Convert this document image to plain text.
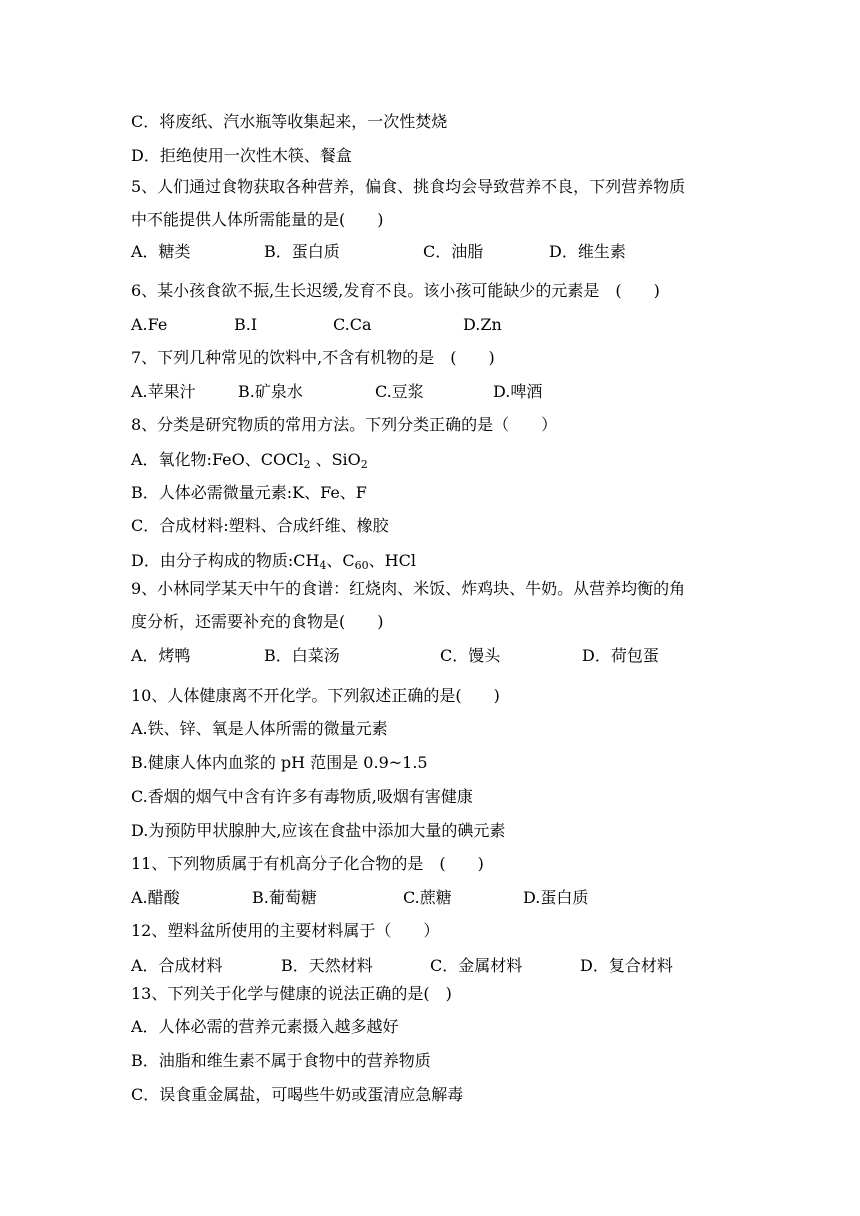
C．将废纸、汽水瓶等收集起来，一次性焚烧
D．拒绝使用一次性木筷、餐盒
5、人们通过食物获取各种营养，偏食、挑食均会导致营养不良，下列营养物质
中不能提供人体所需能量的是(　　)
A．糖类	B．蛋白质	C．油脂	D．维生素
6、某小孩食欲不振,生长迟缓,发育不良。该小孩可能缺少的元素是　(　　)
A.Fe	B.I	C.Ca	D.Zn
7、下列几种常见的饮料中,不含有机物的是　(　　)
A.苹果汁	B.矿泉水	C.豆浆	D.啤酒
8、分类是研究物质的常用方法。下列分类正确的是（　　）
A．氧化物:FeO、COCl$_2$ 、SiO$_2$
B．人体必需微量元素:K、Fe、F
C．合成材料:塑料、合成纤维、橡胶
D．由分子构成的物质$:CH_4$、$C_{60}$、HCl
9、小林同学某天中午的食谱：红烧肉、米饭、炸鸡块、牛奶。从营养均衡的角
度分析，还需要补充的食物是(　　)
A．烤鸭	B．白菜汤	C．馒头	D．荷包蛋
10、人体健康离不开化学。下列叙述正确的是(　　)
A.铁、锌、氧是人体所需的微量元素
B.健康人体内血浆的 pH 范围是 0.9~1.5
C.香烟的烟气中含有许多有毒物质,吸烟有害健康
D.为预防甲状腺肿大,应该在食盐中添加大量的碘元素
11、下列物质属于有机高分子化合物的是　(　　)
A.醋酸	B.葡萄糖	C.蔗糖	D.蛋白质
12、塑料盆所使用的主要材料属于（　　）
A．合成材料	B．天然材料	C．金属材料	D．复合材料
13、下列关于化学与健康的说法正确的是(　)
A．人体必需的营养元素摄入越多越好
B．油脂和维生素不属于食物中的营养物质
C．误食重金属盐，可喝些牛奶或蛋清应急解毒
